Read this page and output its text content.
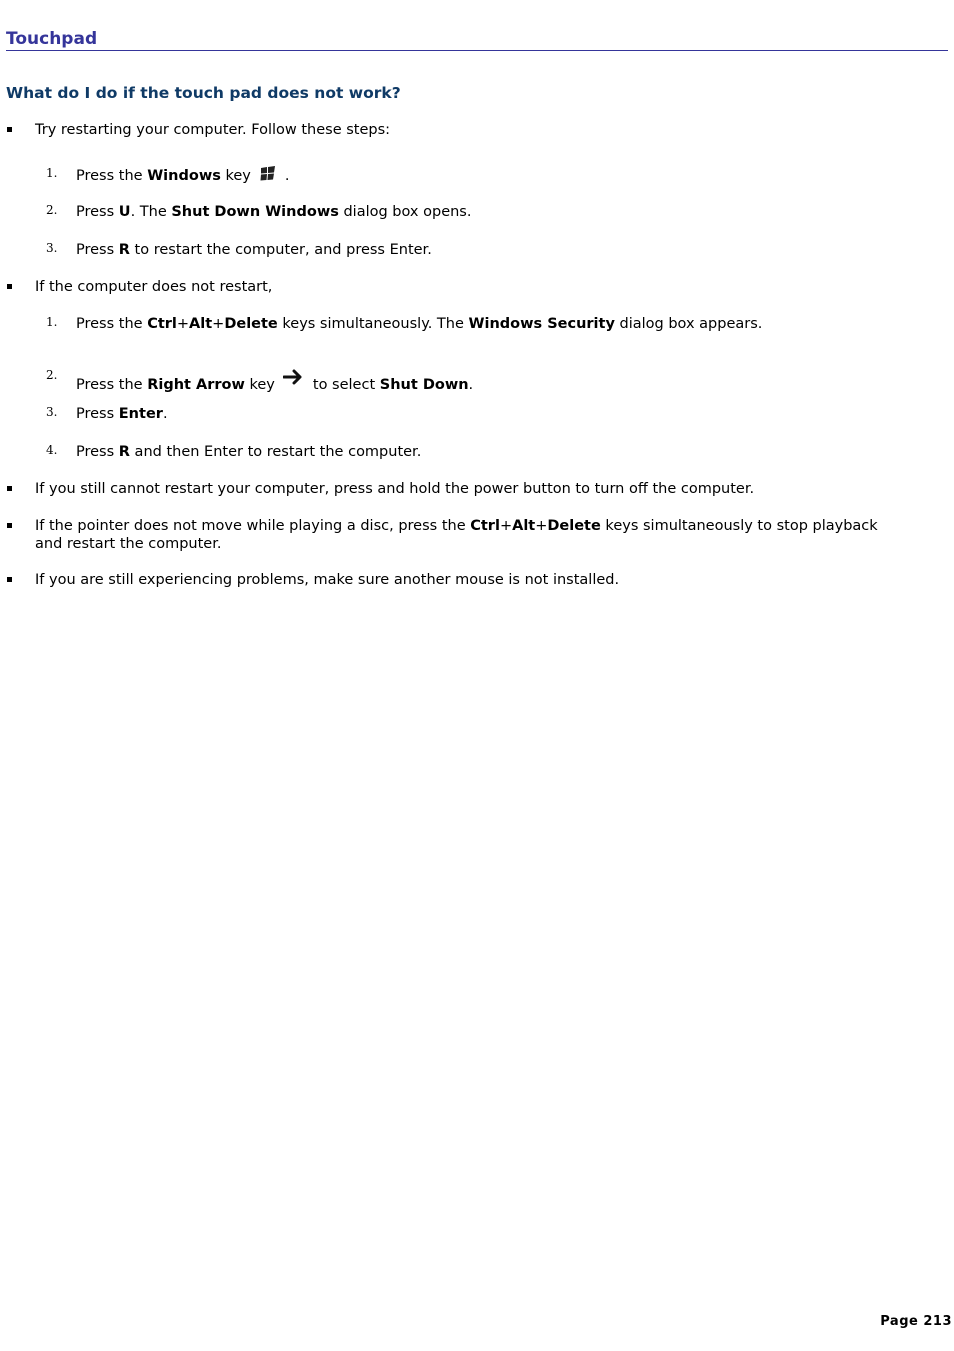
Touchpad
What do I do if the touch pad does not work?
Try restarting your computer. Follow these steps:
1. Press the Windows key .
2. Press U. The Shut Down Windows dialog box opens.
3. Press R to restart the computer, and press Enter.
If the computer does not restart,
1. Press the Ctrl+Alt+Delete keys simultaneously. The Windows Security dialog box appears.
2.
Press the Right Arrow key	to select Shut Down.
3. Press Enter.
4. Press R and then Enter to restart the computer.
If you still cannot restart your computer, press and hold the power button to turn off the computer.
If the pointer does not move while playing a disc, press the Ctrl+Alt+Delete keys simultaneously to stop playback
and restart the computer.
If you are still experiencing problems, make sure another mouse is not installed.
Page 213
